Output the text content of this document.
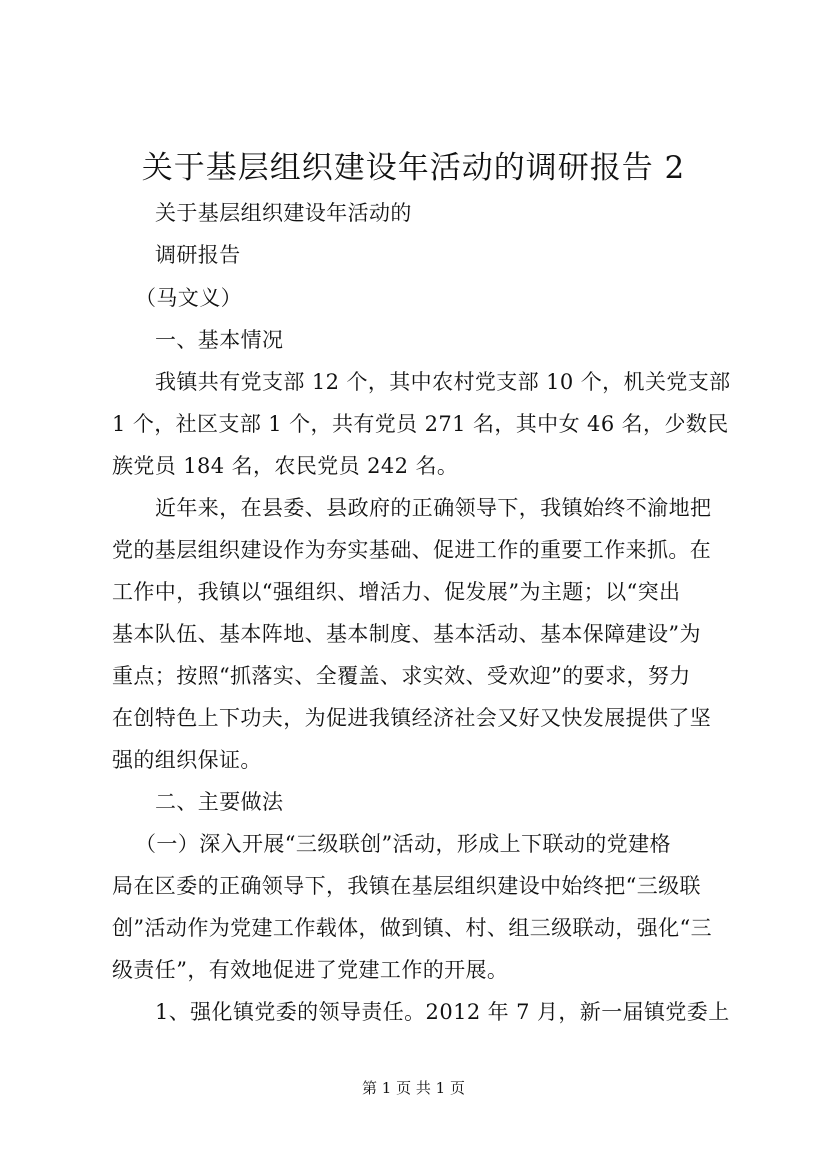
关于基层组织建设年活动的调研报告 2
关于基层组织建设年活动的
调研报告
（马文义）
一、基本情况
我镇共有党支部 12 个，其中农村党支部 10 个，机关党支部
1 个，社区支部 1 个，共有党员 271 名，其中女 46 名，少数民
族党员 184 名，农民党员 242 名。
近年来，在县委、县政府的正确领导下，我镇始终不渝地把
党的基层组织建设作为夯实基础、促进工作的重要工作来抓。在
工作中，我镇以“强组织、增活力、促发展”为主题；以“突出
基本队伍、基本阵地、基本制度、基本活动、基本保障建设”为
重点；按照“抓落实、全覆盖、求实效、受欢迎”的要求，努力
在创特色上下功夫，为促进我镇经济社会又好又快发展提供了坚
强的组织保证。
二、主要做法
（一）深入开展“三级联创”活动，形成上下联动的党建格
局在区委的正确领导下，我镇在基层组织建设中始终把“三级联
创”活动作为党建工作载体，做到镇、村、组三级联动，强化“三
级责任”，有效地促进了党建工作的开展。
1、强化镇党委的领导责任。2012 年 7 月，新一届镇党委上
第 1 页 共 1 页
